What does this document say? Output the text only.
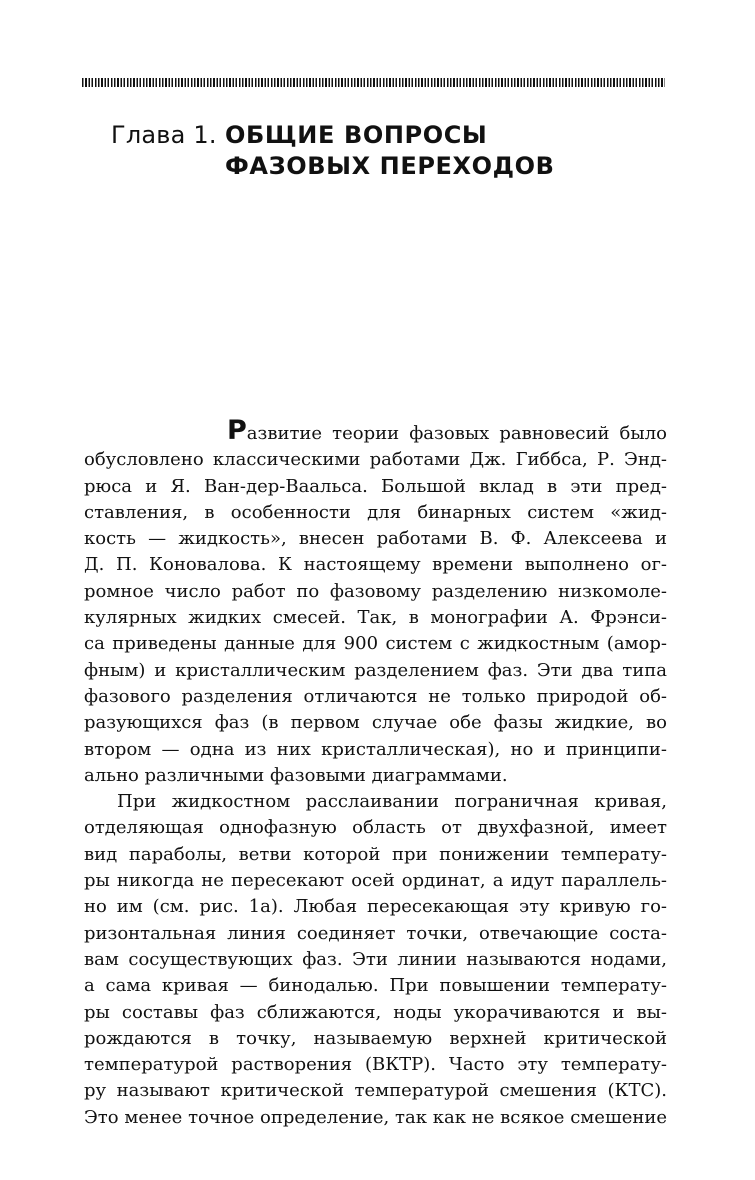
Глава 1. ОБЩИЕ ВОПРОСЫ
ФАЗОВЫХ ПЕРЕХОДОВ
Развитие теории фазовых равновесий было
обусловлено классическими работами Дж. Гиббса, Р. Энд-
рюса и Я. Ван-дер-Ваальса. Большой вклад в эти пред-
ставления, в особенности для бинарных систем «жид-
кость — жидкость», внесен работами В. Ф. Алексеева и
Д. П. Коновалова. К настоящему времени выполнено ог-
ромное число работ по фазовому разделению низкомоле-
кулярных жидких смесей. Так, в монографии А. Фрэнси-
са приведены данные для 900 систем с жидкостным (амор-
фным) и кристаллическим разделением фаз. Эти два типа
фазового разделения отличаются не только природой об-
разующихся фаз (в первом случае обе фазы жидкие, во
втором — одна из них кристаллическая), но и принципи-
ально различными фазовыми диаграммами.
При жидкостном расслаивании пограничная кривая,
отделяющая однофазную область от двухфазной, имеет
вид параболы, ветви которой при понижении температу-
ры никогда не пересекают осей ординат, а идут параллель-
но им (см. рис. 1а). Любая пересекающая эту кривую го-
ризонтальная линия соединяет точки, отвечающие соста-
вам сосуществующих фаз. Эти линии называются нодами,
а сама кривая — бинодалью. При повышении температу-
ры составы фаз сближаются, ноды укорачиваются и вы-
рождаются в точку, называемую верхней критической
температурой растворения (ВКТР). Часто эту температу-
ру называют критической температурой смешения (КТС).
Это менее точное определение, так как не всякое смешение
